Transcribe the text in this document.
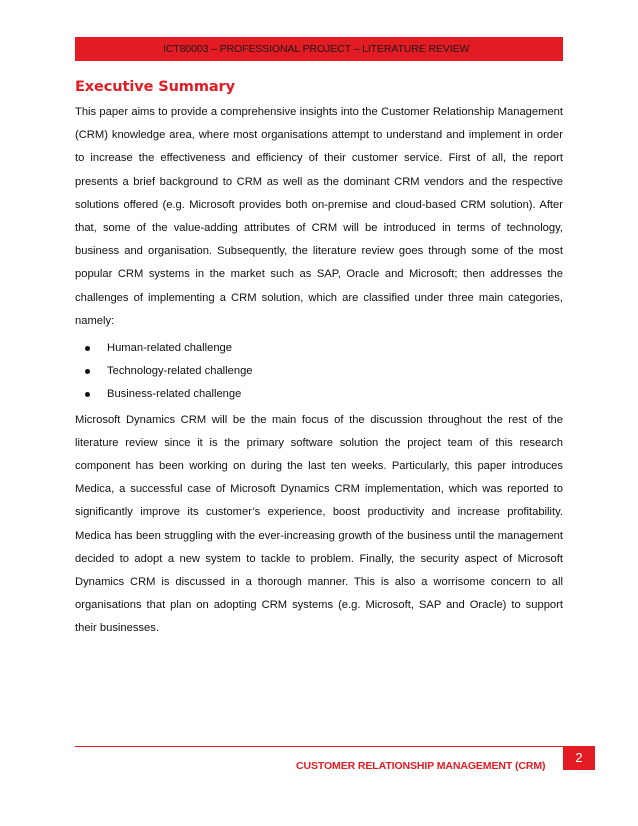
ICT80003 – PROFESSIONAL PROJECT – LITERATURE REVIEW
Executive Summary

This paper aims to provide a comprehensive insights into the Customer Relationship Management (CRM) knowledge area, where most organisations attempt to understand and implement in order to increase the effectiveness and efficiency of their customer service. First of all, the report presents a brief background to CRM as well as the dominant CRM vendors and the respective solutions offered (e.g. Microsoft provides both on-premise and cloud-based CRM solution). After that, some of the value-adding attributes of CRM will be introduced in terms of technology, business and organisation. Subsequently, the literature review goes through some of the most popular CRM systems in the market such as SAP, Oracle and Microsoft; then addresses the challenges of implementing a CRM solution, which are classified under three main categories, namely:

Human-related challenge
Technology-related challenge
Business-related challenge

Microsoft Dynamics CRM will be the main focus of the discussion throughout the rest of the literature review since it is the primary software solution the project team of this research component has been working on during the last ten weeks. Particularly, this paper introduces Medica, a successful case of Microsoft Dynamics CRM implementation, which was reported to significantly improve its customer’s experience, boost productivity and increase profitability. Medica has been struggling with the ever-increasing growth of the business until the management decided to adopt a new system to tackle to problem. Finally, the security aspect of Microsoft Dynamics CRM is discussed in a thorough manner. This is also a worrisome concern to all organisations that plan on adopting CRM systems (e.g. Microsoft, SAP and Oracle) to support their businesses.

CUSTOMER RELATIONSHIP MANAGEMENT (CRM)
2
